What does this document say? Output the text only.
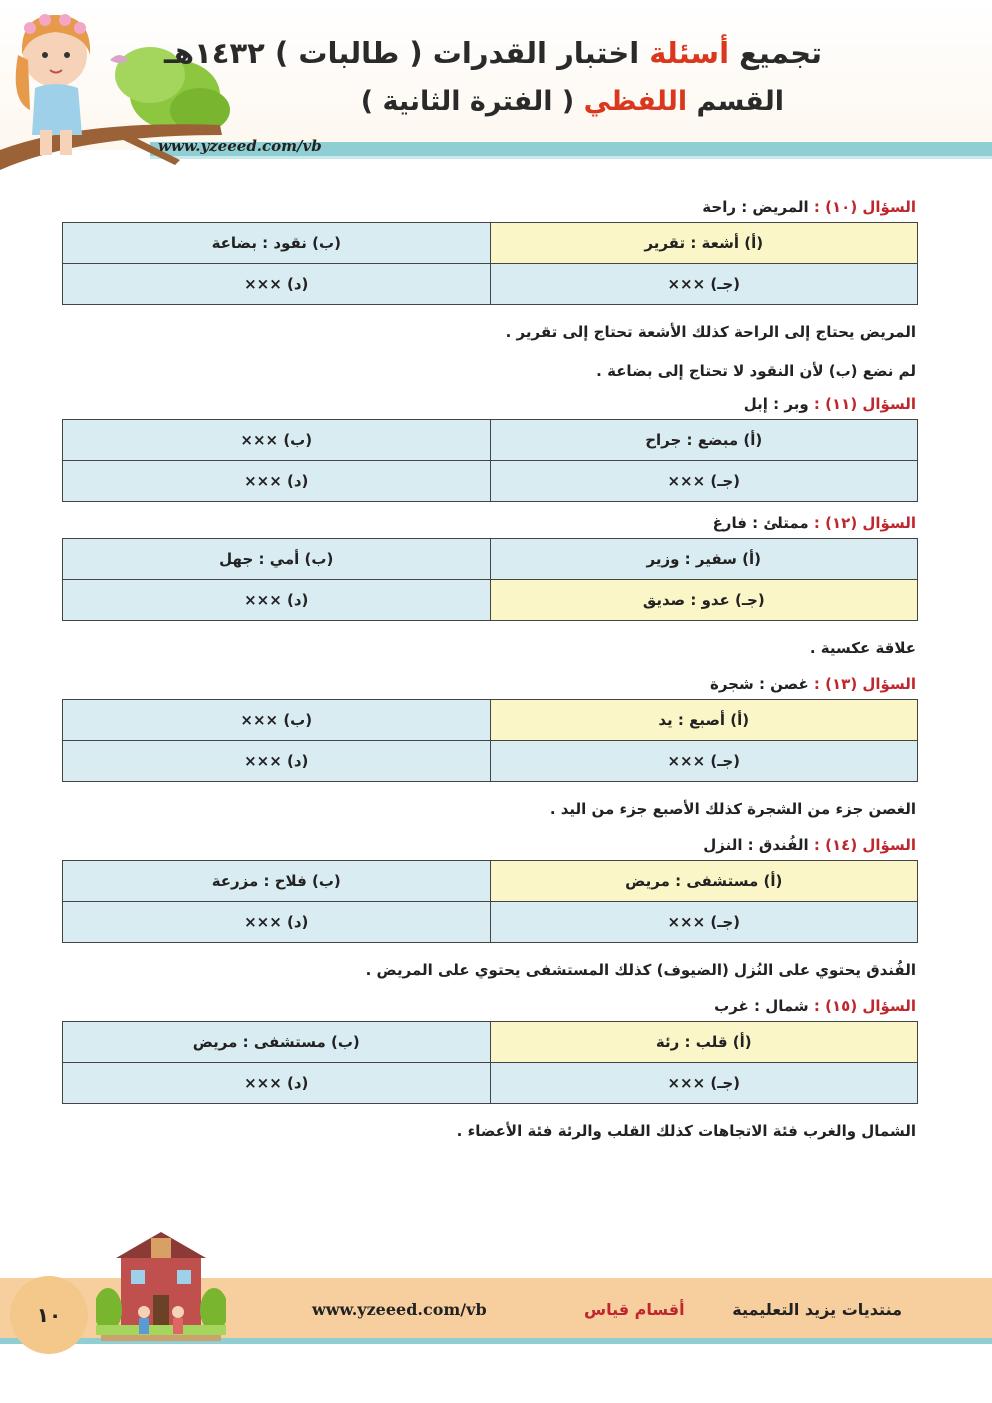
تجميع أسئلة اختبار القدرات ( طالبات ) ١٤٣٢هـ
القسم اللفظي ( الفترة الثانية )
www.yzeeed.com/vb
السؤال (١٠) : المريض : راحة
(أ) أشعة : تقرير	(ب) نقود : بضاعة
(جـ) ×××	(د) ×××
المريض يحتاج إلى الراحة كذلك الأشعة تحتاج إلى تقرير .
لم نضع (ب) لأن النقود لا تحتاج إلى بضاعة .
السؤال (١١) : وبر : إبل
(أ) مبضع : جراح	(ب) ×××
(جـ) ×××	(د) ×××
السؤال (١٢) : ممتلئ : فارغ
(أ) سفير : وزير	(ب) أمي : جهل
(جـ) عدو : صديق	(د) ×××
علاقة عكسية .
السؤال (١٣) : غصن : شجرة
(أ) أصبع : يد	(ب) ×××
(جـ) ×××	(د) ×××
الغصن جزء من الشجرة كذلك الأصبع جزء من اليد .
السؤال (١٤) : الفُندق : النزل
(أ) مستشفى : مريض	(ب) فلاح : مزرعة
(جـ) ×××	(د) ×××
الفُندق يحتوي على النُزل (الضيوف) كذلك المستشفى يحتوي على المريض .
السؤال (١٥) : شمال : غرب
(أ) قلب : رئة	(ب) مستشفى : مريض
(جـ) ×××	(د) ×××
الشمال والغرب فئة الاتجاهات كذلك القلب والرئة فئة الأعضاء .
١٠	www.yzeeed.com/vb	أقسام قياس	منتديات يزيد التعليمية
